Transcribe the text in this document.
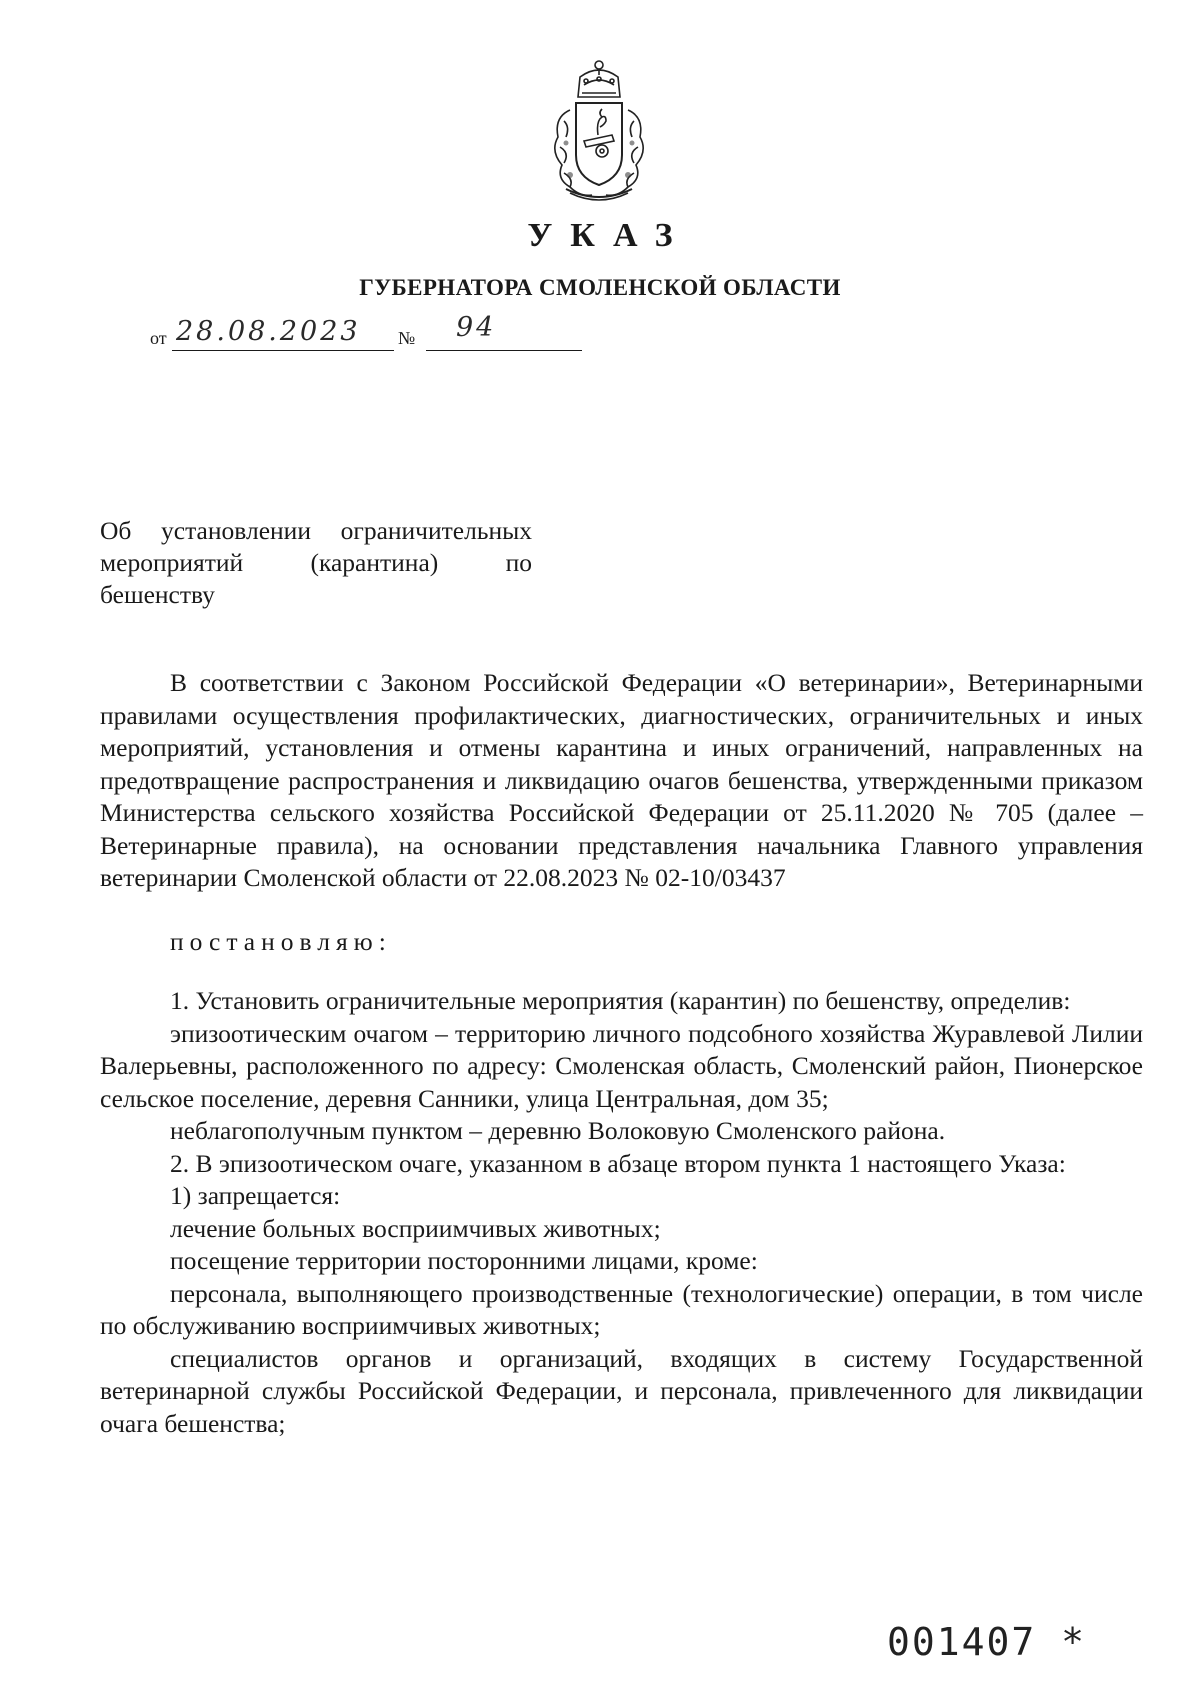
УКАЗ
ГУБЕРНАТОРА СМОЛЕНСКОЙ ОБЛАСТИ
от 28.08.2023 № 94
Об установлении ограничительных
мероприятий (карантина) по
бешенству

В соответствии с Законом Российской Федерации «О ветеринарии», Ветеринарными правилами осуществления профилактических, диагностических, ограничительных и иных мероприятий, установления и отмены карантина и иных ограничений, направленных на предотвращение распространения и ликвидацию очагов бешенства, утвержденными приказом Министерства сельского хозяйства Российской Федерации от 25.11.2020 № 705 (далее – Ветеринарные правила), на основании представления начальника Главного управления ветеринарии Смоленской области от 22.08.2023 № 02-10/03437

постановляю:

1. Установить ограничительные мероприятия (карантин) по бешенству, определив:

эпизоотическим очагом – территорию личного подсобного хозяйства Журавлевой Лилии Валерьевны, расположенного по адресу: Смоленская область, Смоленский район, Пионерское сельское поселение, деревня Санники, улица Центральная, дом 35;

неблагополучным пунктом – деревню Волоковую Смоленского района.

2. В эпизоотическом очаге, указанном в абзаце втором пункта 1 настоящего Указа:

1) запрещается:

лечение больных восприимчивых животных;

посещение территории посторонними лицами, кроме:

персонала, выполняющего производственные (технологические) операции, в том числе по обслуживанию восприимчивых животных;

специалистов органов и организаций, входящих в систему Государственной ветеринарной службы Российской Федерации, и персонала, привлеченного для ликвидации очага бешенства;

001407 *
